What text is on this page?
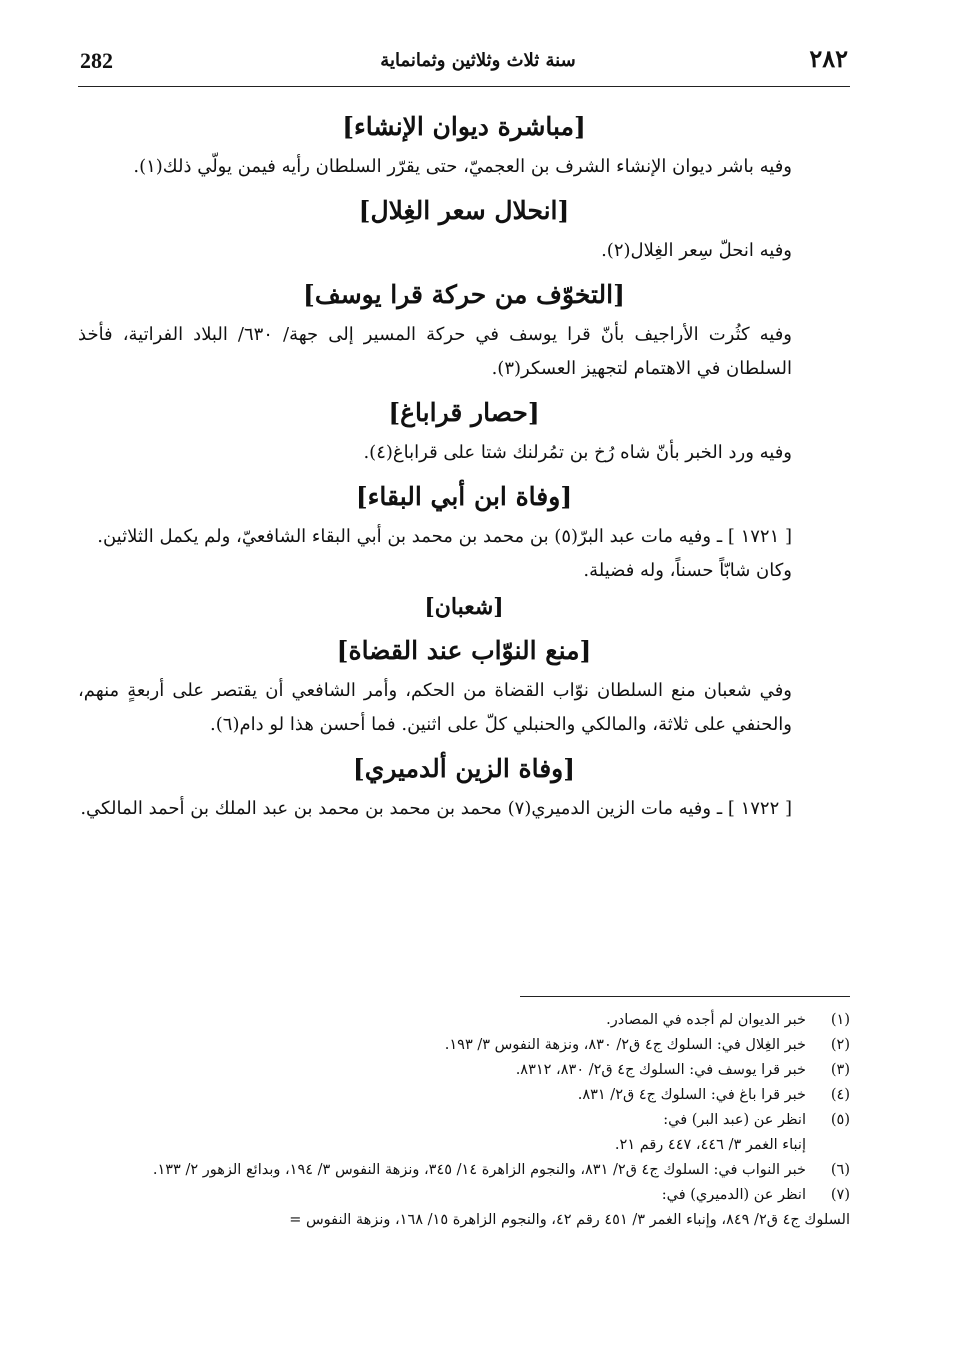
282	سنة ثلاث وثلاثين وثمانماية	٢٨٢
[مباشرة ديوان الإنشاء]

وفيه باشر ديوان الإنشاء الشرف بن العجميّ، حتى يقرّر السلطان رأيه فيمن يولّي ذلك(١).

[انحلال سعر الغِلال]

وفيه انحلّ سِعر الغِلال(٢).

[التخوّف من حركة قرا يوسف]

وفيه كثُرت الأراجيف بأنّ قرا يوسف في حركة المسير إلى جهة/ ٦٣٠/ البلاد الفراتية، فأخذ السلطان في الاهتمام لتجهيز العسكر(٣).

[حصار قراباغ]

وفيه ورد الخبر بأنّ شاه رُخ بن تمُرلنك شتا على قراباغ(٤).

[وفاة ابن أبي البقاء]

[ ١٧٢١ ] ـ وفيه مات عبد البرّ(٥) بن محمد بن محمد بن أبي البقاء الشافعيّ، ولم يكمل الثلاثين.

وكان شابّاً حسناً، وله فضيلة.

[شعبان]
[منع النوّاب عند القضاة]

وفي شعبان منع السلطان نوّاب القضاة من الحكم، وأمر الشافعي أن يقتصر على أربعةٍ منهم، والحنفي على ثلاثة، والمالكي والحنبلي كلّ على اثنين. فما أحسن هذا لو دام(٦).

[وفاة الزين ألدميري]

[ ١٧٢٢ ] ـ وفيه مات الزين الدميري(٧) محمد بن محمد بن محمد بن عبد الملك بن أحمد المالكي.

(١)
خبر الديوان لم أجده في المصادر.
(٢)
خبر الغِلال في: السلوك ج٤ ق٢/ ٨٣٠، ونزهة النفوس ٣/ ١٩٣.
(٣)
خبر قرا يوسف في: السلوك ج٤ ق٢/ ٨٣٠، ٨٣١٢.
(٤)
خبر قرا باغ في: السلوك ج٤ ق٢/ ٨٣١.
(٥)
انظر عن (عبد البر) في:
إنباء الغمر ٣/ ٤٤٦، ٤٤٧ رقم ٢١.
(٦)
خبر النواب في: السلوك ج٤ ق٢/ ٨٣١، والنجوم الزاهرة ١٤/ ٣٤٥، ونزهة النفوس ٣/ ١٩٤، وبدائع الزهور ٢/ ١٣٣.
(٧)
انظر عن (الدميري) في:
السلوك ج٤ ق٢/ ٨٤٩، وإنباء الغمر ٣/ ٤٥١ رقم ٤٢، والنجوم الزاهرة ١٥/ ١٦٨، ونزهة النفوس =
